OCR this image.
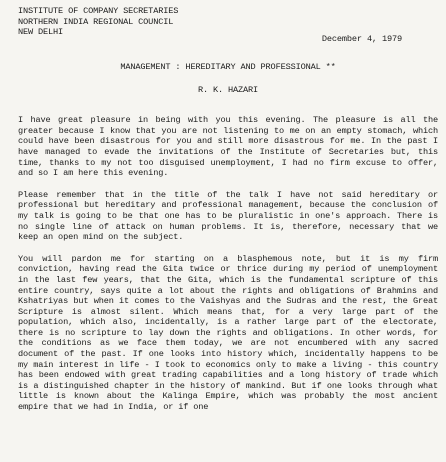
INSTITUTE OF COMPANY SECRETARIES
NORTHERN INDIA REGIONAL COUNCIL
NEW DELHI
December 4, 1979
MANAGEMENT : HEREDITARY AND PROFESSIONAL **
R. K. HAZARI

I have great pleasure in being with you this evening. The pleasure is all the greater because I know that you are not listening to me on an empty stomach, which could have been disastrous for you and still more disastrous for me. In the past I have managed to evade the invitations of the Institute of Secretaries but, this time, thanks to my not too disguised unemployment, I had no firm excuse to offer, and so I am here this evening.

Please remember that in the title of the talk I have not said hereditary or professional but hereditary and professional management, because the conclusion of my talk is going to be that one has to be pluralistic in one's approach. There is no single line of attack on human problems. It is, therefore, necessary that we keep an open mind on the subject.

You will pardon me for starting on a blasphemous note, but it is my firm conviction, having read the Gita twice or thrice during my period of unemployment in the last few years, that the Gita, which is the fundamental scripture of this entire country, says quite a lot about the rights and obligations of Brahmins and Kshatriyas but when it comes to the Vaishyas and the Sudras and the rest, the Great Scripture is almost silent. Which means that, for a very large part of the population, which also, incidentally, is a rather large part of the electorate, there is no scripture to lay down the rights and obligations. In other words, for the conditions as we face them today, we are not encumbered with any sacred document of the past. If one looks into history which, incidentally happens to be my main interest in life - I took to economics only to make a living - this country has been endowed with great trading capabilities and a long history of trade which is a distinguished chapter in the history of mankind. But if one looks through what little is known about the Kalinga Empire, which was probably the most ancient empire that we had in India, or if one
